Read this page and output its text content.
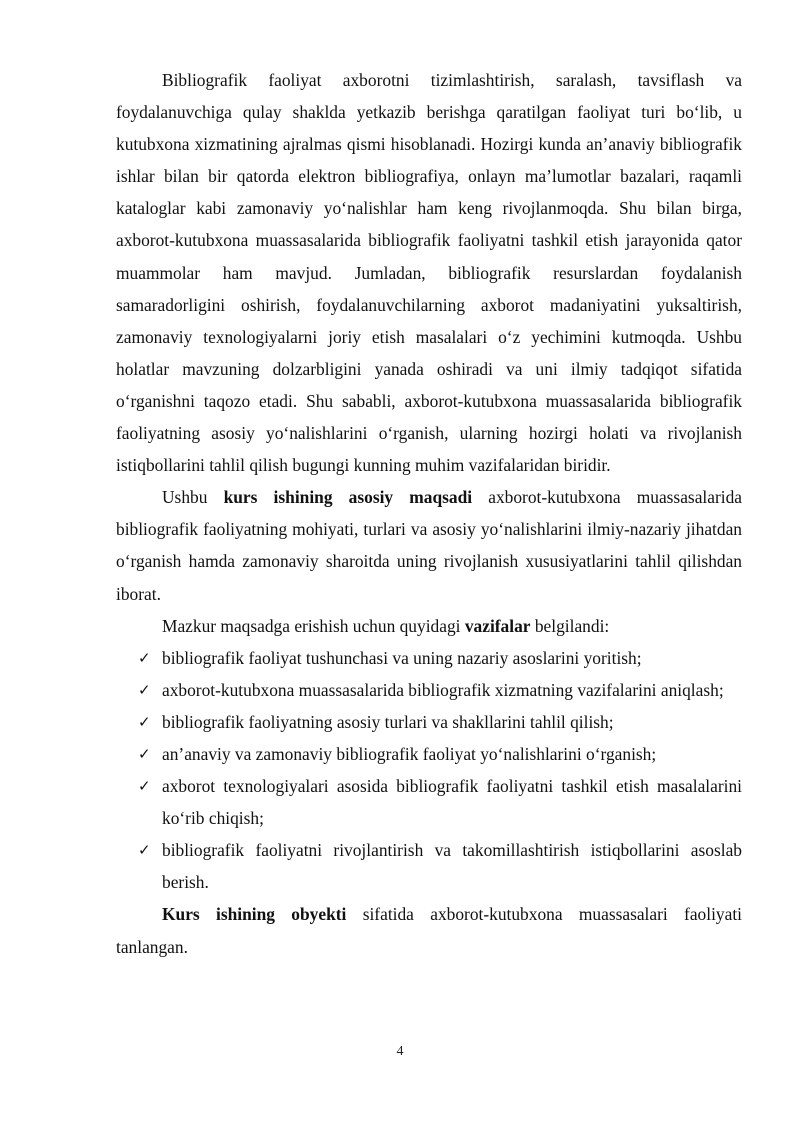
Bibliografik faoliyat axborotni tizimlashtirish, saralash, tavsiflash va foydalanuvchiga qulay shaklda yetkazib berishga qaratilgan faoliyat turi bo‘lib, u kutubxona xizmatining ajralmas qismi hisoblanadi. Hozirgi kunda an’anaviy bibliografik ishlar bilan bir qatorda elektron bibliografiya, onlayn ma’lumotlar bazalari, raqamli kataloglar kabi zamonaviy yo‘nalishlar ham keng rivojlanmoqda. Shu bilan birga, axborot-kutubxona muassasalarida bibliografik faoliyatni tashkil etish jarayonida qator muammolar ham mavjud. Jumladan, bibliografik resurslardan foydalanish samaradorligini oshirish, foydalanuvchilarning axborot madaniyatini yuksaltirish, zamonaviy texnologiyalarni joriy etish masalalari o‘z yechimini kutmoqda. Ushbu holatlar mavzuning dolzarbligini yanada oshiradi va uni ilmiy tadqiqot sifatida o‘rganishni taqozo etadi. Shu sababli, axborot-kutubxona muassasalarida bibliografik faoliyatning asosiy yo‘nalishlarini o‘rganish, ularning hozirgi holati va rivojlanish istiqbollarini tahlil qilish bugungi kunning muhim vazifalaridan biridir.

Ushbu kurs ishining asosiy maqsadi axborot-kutubxona muassasalarida bibliografik faoliyatning mohiyati, turlari va asosiy yo‘nalishlarini ilmiy-nazariy jihatdan o‘rganish hamda zamonaviy sharoitda uning rivojlanish xususiyatlarini tahlil qilishdan iborat.

Mazkur maqsadga erishish uchun quyidagi vazifalar belgilandi:

✓ bibliografik faoliyat tushunchasi va uning nazariy asoslarini yoritish;
✓ axborot-kutubxona muassasalarida bibliografik xizmatning vazifalarini aniqlash;
✓ bibliografik faoliyatning asosiy turlari va shakllarini tahlil qilish;
✓ an’anaviy va zamonaviy bibliografik faoliyat yo‘nalishlarini o‘rganish;
✓ axborot texnologiyalari asosida bibliografik faoliyatni tashkil etish masalalarini ko‘rib chiqish;
✓ bibliografik faoliyatni rivojlantirish va takomillashtirish istiqbollarini asoslab berish.

Kurs ishining obyekti sifatida axborot-kutubxona muassasalari faoliyati tanlangan.

4
